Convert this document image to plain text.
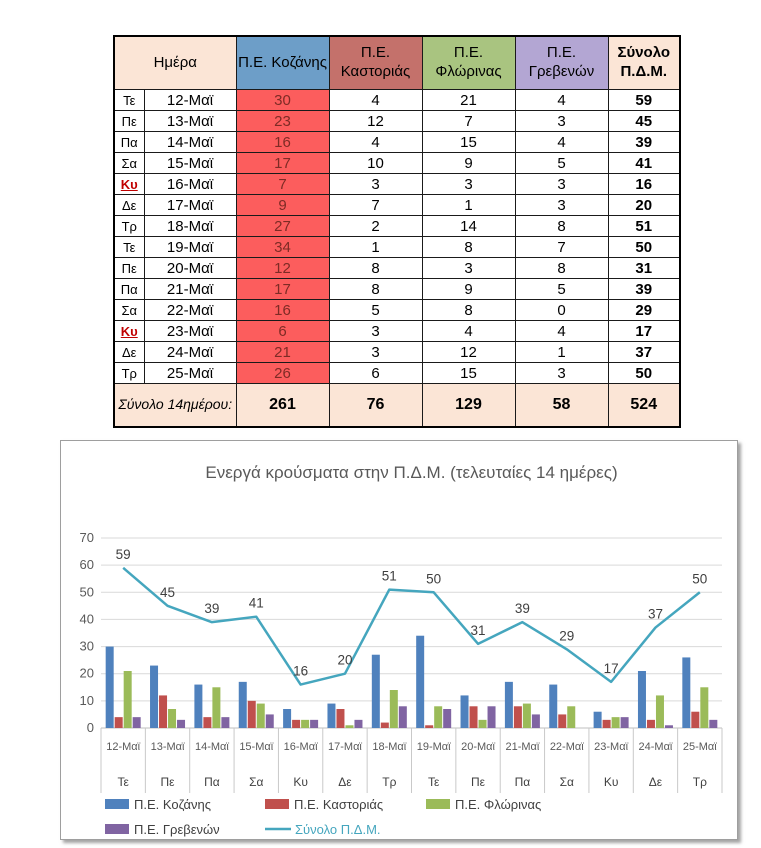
Ημέρα		Π.Ε. Κοζάνης	Π.Ε. Καστοριάς	Π.Ε. Φλώρινας	Π.Ε. Γρεβενών	Σύνολο Π.Δ.Μ.
Τε	12-Μαϊ	30	4	21	4	59
Πε	13-Μαϊ	23	12	7	3	45
Πα	14-Μαϊ	16	4	15	4	39
Σα	15-Μαϊ	17	10	9	5	41
Κυ	16-Μαϊ	7	3	3	3	16
Δε	17-Μαϊ	9	7	1	3	20
Τρ	18-Μαϊ	27	2	14	8	51
Τε	19-Μαϊ	34	1	8	7	50
Πε	20-Μαϊ	12	8	3	8	31
Πα	21-Μαϊ	17	8	9	5	39
Σα	22-Μαϊ	16	5	8	0	29
Κυ	23-Μαϊ	6	3	4	4	17
Δε	24-Μαϊ	21	3	12	1	37
Τρ	25-Μαϊ	26	6	15	3	50
Σύνολο 14ημέρου:		261	76	129	58	524
Ενεργά κρούσματα στην Π.Δ.Μ. (τελευταίες 14 ημέρες)
0
10
20
30
40
50
60
70
12-Μαϊ 13-Μαϊ 14-Μαϊ 15-Μαϊ 16-Μαϊ 17-Μαϊ 18-Μαϊ 19-Μαϊ 20-Μαϊ 21-Μαϊ 22-Μαϊ 23-Μαϊ 24-Μαϊ 25-Μαϊ
Τε	Πε Πα Σα Κυ	Δε	Τρ	Τε	Πε Πα Σα Κυ	Δε	Τρ
59
45
39 41
16
20
51 50
31
39
29
17
37
50
Π.Ε. Κοζάνης	Π.Ε. Καστοριάς	Π.Ε. Φλώρινας
Π.Ε. Γρεβενών	Σύνολο Π.Δ.Μ.
